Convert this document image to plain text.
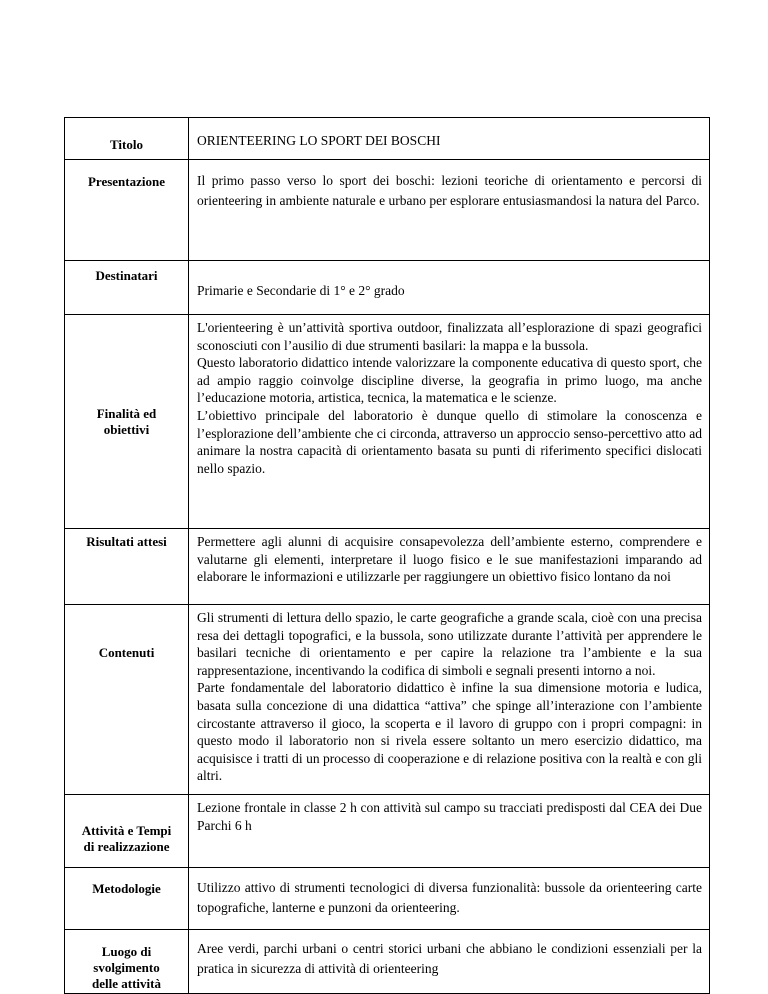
Titolo	ORIENTEERING LO SPORT DEI BOSCHI

Presentazione	Il primo passo verso lo sport dei boschi: lezioni teoriche di orientamento e percorsi di orienteering in ambiente naturale e urbano per esplorare entusiasmandosi la natura del Parco.

Destinatari	Primarie e Secondarie di 1° e 2° grado

Finalità ed obiettivi	L'orienteering è un’attività sportiva outdoor, finalizzata all’esplorazione di spazi geografici sconosciuti con l’ausilio di due strumenti basilari: la mappa e la bussola.

Questo laboratorio didattico intende valorizzare la componente educativa di questo sport, che ad ampio raggio coinvolge discipline diverse, la geografia in primo luogo, ma anche l’educazione motoria, artistica, tecnica, la matematica e le scienze.

L’obiettivo principale del laboratorio è dunque quello di stimolare la conoscenza e l’esplorazione dell’ambiente che ci circonda, attraverso un approccio senso-percettivo atto ad animare la nostra capacità di orientamento basata su punti di riferimento specifici dislocati nello spazio.

Risultati attesi	Permettere agli alunni di acquisire consapevolezza dell’ambiente esterno, comprendere e valutarne gli elementi, interpretare il luogo fisico e le sue manifestazioni imparando ad elaborare le informazioni e utilizzarle per raggiungere un obiettivo fisico lontano da noi

Contenuti	Gli strumenti di lettura dello spazio, le carte geografiche a grande scala, cioè con una precisa resa dei dettagli topografici, e la bussola, sono utilizzate durante l’attività per apprendere le basilari tecniche di orientamento e per capire la relazione tra l’ambiente e la sua rappresentazione, incentivando la codifica di simboli e segnali presenti intorno a noi.

Parte fondamentale del laboratorio didattico è infine la sua dimensione motoria e ludica, basata sulla concezione di una didattica “attiva” che spinge all’interazione con l’ambiente circostante attraverso il gioco, la scoperta e il lavoro di gruppo con i propri compagni: in questo modo il laboratorio non si rivela essere soltanto un mero esercizio didattico, ma acquisisce i tratti di un processo di cooperazione e di relazione positiva con la realtà e con gli altri.

Attività e Tempi di realizzazione	Lezione frontale in classe 2 h con attività sul campo su tracciati predisposti dal CEA dei Due Parchi 6 h

Metodologie	Utilizzo attivo di strumenti tecnologici di diversa funzionalità: bussole da orienteering carte topografiche, lanterne e punzoni da orienteering.

Luogo di svolgimento delle attività	Aree verdi, parchi urbani o centri storici urbani che abbiano le condizioni essenziali per la pratica in sicurezza di attività di orienteering
